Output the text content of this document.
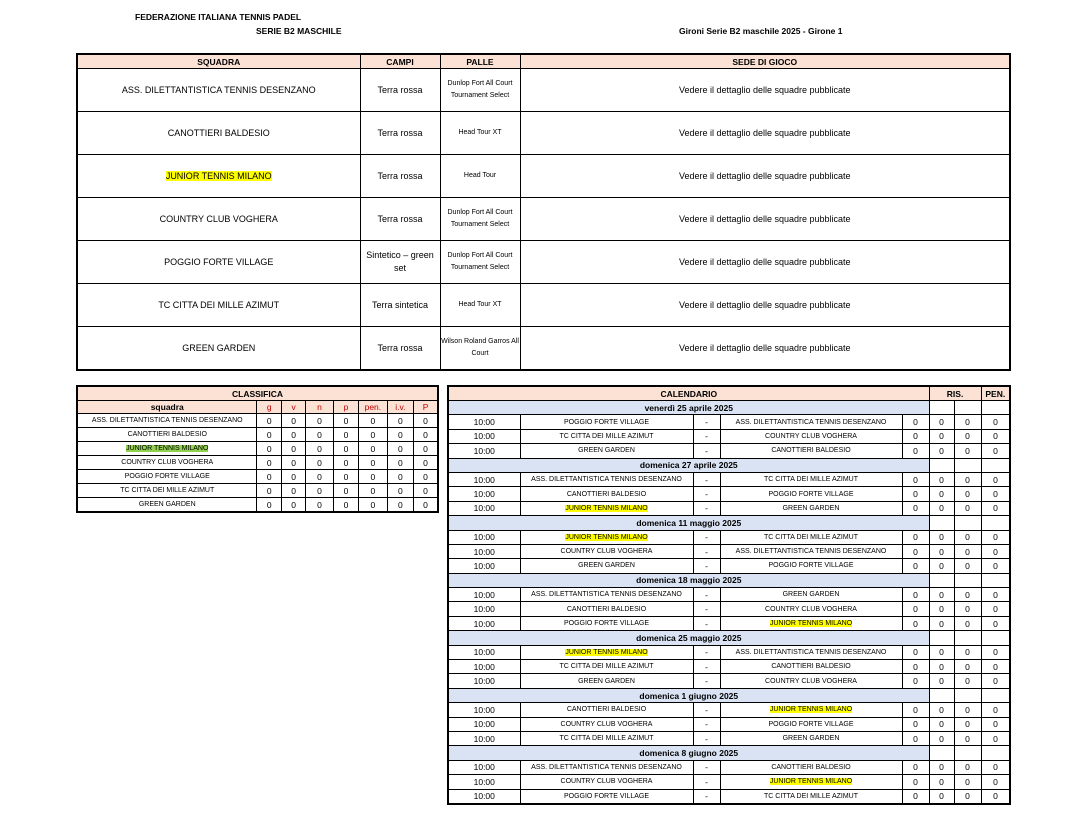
FEDERAZIONE ITALIANA TENNIS PADEL
SERIE B2 MASCHILE	Gironi Serie B2 maschile 2025 - Girone 1
SQUADRA	CAMPI	PALLE	SEDE DI GIOCO
ASS. DILETTANTISTICA TENNIS DESENZANO	Terra rossa	Dunlop Fort All Court Tournament Select	Vedere il dettaglio delle squadre pubblicate
CANOTTIERI BALDESIO	Terra rossa	Head Tour XT	Vedere il dettaglio delle squadre pubblicate
JUNIOR TENNIS MILANO	Terra rossa	Head Tour	Vedere il dettaglio delle squadre pubblicate
COUNTRY CLUB VOGHERA	Terra rossa	Dunlop Fort All Court Tournament Select	Vedere il dettaglio delle squadre pubblicate
POGGIO FORTE VILLAGE	Sintetico – green set	Dunlop Fort All Court Tournament Select	Vedere il dettaglio delle squadre pubblicate
TC CITTA DEI MILLE AZIMUT	Terra sintetica	Head Tour XT	Vedere il dettaglio delle squadre pubblicate
GREEN GARDEN	Terra rossa	Wilson Roland Garros All Court	Vedere il dettaglio delle squadre pubblicate
CLASSIFICA							
squadra	g	v	n	p	pen.	i.v.	P
ASS. DILETTANTISTICA TENNIS DESENZANO	0	0	0	0	0	0	0
CANOTTIERI BALDESIO	0	0	0	0	0	0	0
JUNIOR TENNIS MILANO	0	0	0	0	0	0	0
COUNTRY CLUB VOGHERA	0	0	0	0	0	0	0
POGGIO FORTE VILLAGE	0	0	0	0	0	0	0
TC CITTA DEI MILLE AZIMUT	0	0	0	0	0	0	0
GREEN GARDEN	0	0	0	0	0	0	0
CALENDARIO					RIS.		PEN.	
venerdì 25 aprile 2025								
10:00	POGGIO FORTE VILLAGE	-	ASS. DILETTANTISTICA TENNIS DESENZANO	0	0	0	0	
10:00	TC CITTA DEI MILLE AZIMUT	-	COUNTRY CLUB VOGHERA	0	0	0	0	
10:00	GREEN GARDEN	-	CANOTTIERI BALDESIO	0	0	0	0	
domenica 27 aprile 2025								
10:00	ASS. DILETTANTISTICA TENNIS DESENZANO	-	TC CITTA DEI MILLE AZIMUT	0	0	0	0	
10:00	CANOTTIERI BALDESIO	-	POGGIO FORTE VILLAGE	0	0	0	0	
10:00	JUNIOR TENNIS MILANO	-	GREEN GARDEN	0	0	0	0	
domenica 11 maggio 2025								
10:00	JUNIOR TENNIS MILANO	-	TC CITTA DEI MILLE AZIMUT	0	0	0	0	
10:00	COUNTRY CLUB VOGHERA	-	ASS. DILETTANTISTICA TENNIS DESENZANO	0	0	0	0	
10:00	GREEN GARDEN	-	POGGIO FORTE VILLAGE	0	0	0	0	
domenica 18 maggio 2025								
10:00	ASS. DILETTANTISTICA TENNIS DESENZANO	-	GREEN GARDEN	0	0	0	0	
10:00	CANOTTIERI BALDESIO	-	COUNTRY CLUB VOGHERA	0	0	0	0	
10:00	POGGIO FORTE VILLAGE	-	JUNIOR TENNIS MILANO	0	0	0	0	
domenica 25 maggio 2025								
10:00	JUNIOR TENNIS MILANO	-	ASS. DILETTANTISTICA TENNIS DESENZANO	0	0	0	0	
10:00	TC CITTA DEI MILLE AZIMUT	-	CANOTTIERI BALDESIO	0	0	0	0	
10:00	GREEN GARDEN	-	COUNTRY CLUB VOGHERA	0	0	0	0	
domenica 1 giugno 2025								
10:00	CANOTTIERI BALDESIO	-	JUNIOR TENNIS MILANO	0	0	0	0	
10:00	COUNTRY CLUB VOGHERA	-	POGGIO FORTE VILLAGE	0	0	0	0	
10:00	TC CITTA DEI MILLE AZIMUT	-	GREEN GARDEN	0	0	0	0	
domenica 8 giugno 2025								
10:00	ASS. DILETTANTISTICA TENNIS DESENZANO	-	CANOTTIERI BALDESIO	0	0	0	0	
10:00	COUNTRY CLUB VOGHERA	-	JUNIOR TENNIS MILANO	0	0	0	0	
10:00	POGGIO FORTE VILLAGE	-	TC CITTA DEI MILLE AZIMUT	0	0	0	0	
